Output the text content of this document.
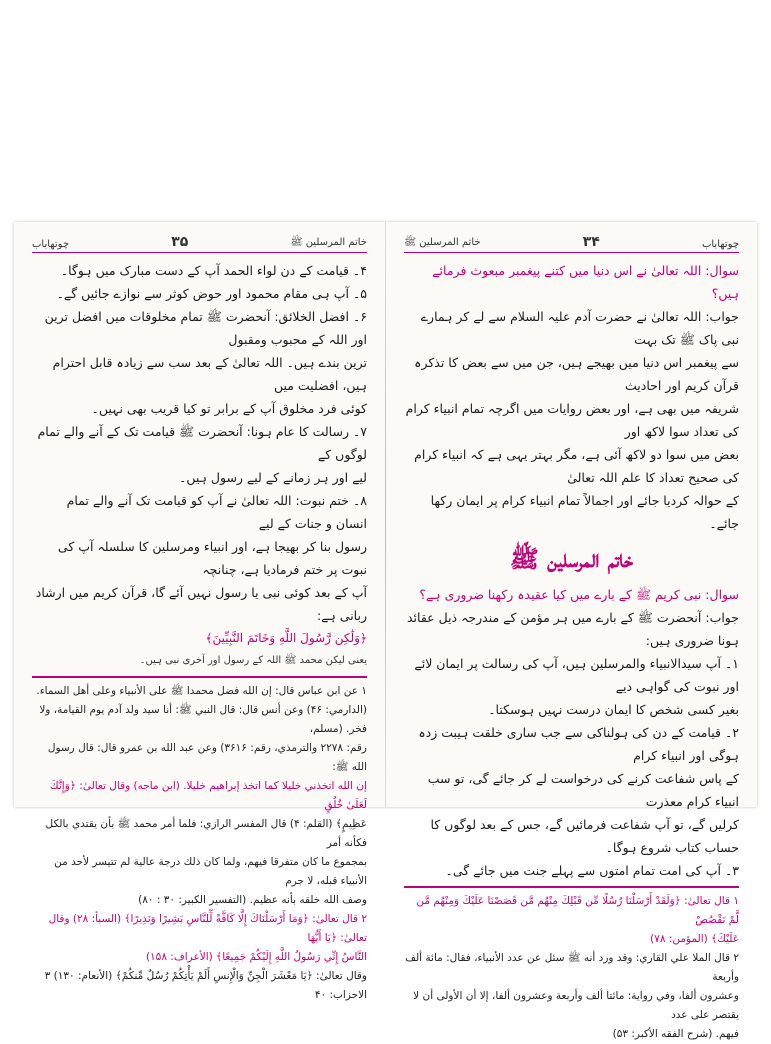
خاتم المرسلین ﷺ
۳۵
چوتھاباب

۴۔ قیامت کے دن لواء الحمد آپ کے دست مبارک میں ہوگا۔

۵۔ آپ ہی مقام محمود اور حوض کوثر سے نوازے جائیں گے۔

۶۔ افضل الخلائق: آنحضرت ﷺ تمام مخلوقات میں افضل ترین اور اللہ کے محبوب ومقبول

ترین بندے ہیں۔ اللہ تعالیٰ کے بعد سب سے زیادہ قابل احترام ہیں، افضلیت میں

کوئی فرد مخلوق آپ کے برابر تو کیا قریب بھی نہیں۔

۷۔ رسالت کا عام ہونا: آنحضرت ﷺ قیامت تک کے آنے والے تمام لوگوں کے

لیے اور ہر زمانے کے لیے رسول ہیں۔

۸۔ ختم نبوت: اللہ تعالیٰ نے آپ کو قیامت تک آنے والے تمام انسان و جنات کے لیے

رسول بنا کر بھیجا ہے، اور انبیاء ومرسلین کا سلسلہ آپ کی نبوت پر ختم فرمادیا ہے، چنانچہ

آپ کے بعد کوئی نبی یا رسول نہیں آئے گا، قرآن کریم میں ارشاد ربانی ہے:

﴿وَلَٰكِن رَّسُولَ اللَّهِ وَخَاتَمَ النَّبِيِّينَ﴾

یعنی لیکن محمد ﷺ اللہ کے رسول اور آخری نبی ہیں۔

۱ عن ابن عباس قال: إن الله فضل محمدا ﷺ على الأنبياء وعلى أهل السماء.

(الدارمي: ۴۶) وعن أنس قال: قال النبي ﷺ: أنا سيد ولد آدم يوم القيامة، ولا فخر. (مسلم،

رقم: ۲۲۷۸ والترمذي، رقم: ۳۶۱۶) وعن عبد الله بن عمرو قال: قال رسول الله ﷺ:

إن الله اتخذني خليلا كما اتخذ إبراهيم خليلا. (ابن ماجه) وقال تعالىٰ: ﴿وَإِنَّكَ لَعَلَىٰ خُلُقٍ

عَظِيمٍ﴾ (القلم: ۴) قال المفسر الرازي: فلما أمر محمد ﷺ بأن يقتدي بالكل فكأنه أمر

بمجموع ما كان متفرقا فيهم، ولما كان ذلك درجة عالية لم تتيسر لأحد من الأنبياء قبله، لا جرم

وصف الله خلقه بأنه عظيم. (التفسير الكبير: ۳۰ : ۸۰)

۲ قال تعالىٰ: ﴿وَمَا أَرْسَلْنَاكَ إِلَّا كَافَّةً لِّلنَّاسِ بَشِيرًا وَنَذِيرًا﴾ (السبأ: ۲۸) وقال تعالىٰ: ﴿يَا أَيُّهَا

النَّاسُ إِنِّي رَسُولُ اللَّهِ إِلَيْكُمْ جَمِيعًا﴾ (الأعراف: ۱۵۸)

وقال تعالىٰ: ﴿يَا مَعْشَرَ الْجِنِّ وَالْإِنسِ أَلَمْ يَأْتِكُمْ رُسُلٌ مِّنكُمْ﴾ (الأنعام: ۱۳۰) ۳ الاحزاب: ۴۰

چوتھاباب
۳۴
خاتم المرسلین ﷺ

سوال: اللہ تعالیٰ نے اس دنیا میں کتنے پیغمبر مبعوث فرمائے ہیں؟

جواب: اللہ تعالیٰ نے حضرت آدم علیہ السلام سے لے کر ہمارے نبی پاک ﷺ تک بہت

سے پیغمبر اس دنیا میں بھیجے ہیں، جن میں سے بعض کا تذکرہ قرآن کریم اور احادیث

شریفہ میں بھی ہے، اور بعض روایات میں اگرچہ تمام انبیاء کرام کی تعداد سوا لاکھ اور

بعض میں سوا دو لاکھ آئی ہے، مگر بہتر یہی ہے کہ انبیاء کرام کی صحیح تعداد کا علم اللہ تعالیٰ

کے حوالہ کردیا جائے اور اجمالاً تمام انبیاء کرام پر ایمان رکھا جائے۔

خاتم المرسلین ﷺ

سوال: نبی کریم ﷺ کے بارے میں کیا عقیدہ رکھنا ضروری ہے؟

جواب: آنحضرت ﷺ کے بارے میں ہر مؤمن کے مندرجہ ذیل عقائد ہونا ضروری ہیں:

۱۔ آپ سیدالانبیاء والمرسلین ہیں، آپ کی رسالت پر ایمان لائے اور نبوت کی گواہی دیے

بغیر کسی شخص کا ایمان درست نہیں ہوسکتا۔

۲۔ قیامت کے دن کی ہولناکی سے جب ساری خلقت ہیبت زدہ ہوگی اور انبیاء کرام

کے پاس شفاعت کرنے کی درخواست لے کر جائے گی، تو سب انبیاء کرام معذرت

کرلیں گے، تو آپ شفاعت فرمائیں گے، جس کے بعد لوگوں کا حساب کتاب شروع ہوگا۔

۳۔ آپ کی امت تمام امتوں سے پہلے جنت میں جائے گی۔

۱ قال تعالیٰ: ﴿وَلَقَدْ أَرْسَلْنَا رُسُلًا مِّن قَبْلِكَ مِنْهُم مَّن قَصَصْنَا عَلَيْكَ وَمِنْهُم مَّن لَّمْ نَقْصُصْ

عَلَيْكَ﴾ (المؤمن: ۷۸)

۲ قال الملا علي القاري: وقد ورد أنه ﷺ سئل عن عدد الأنبياء، فقال: مائة ألف وأربعة

وعشرون ألفا، وفي رواية: مائتا ألف وأربعة وعشرون ألفا، إلا أن الأولى أن لا يقتصر على عدد

فيهم. (شرح الفقه الأكبر: ۵۳)
